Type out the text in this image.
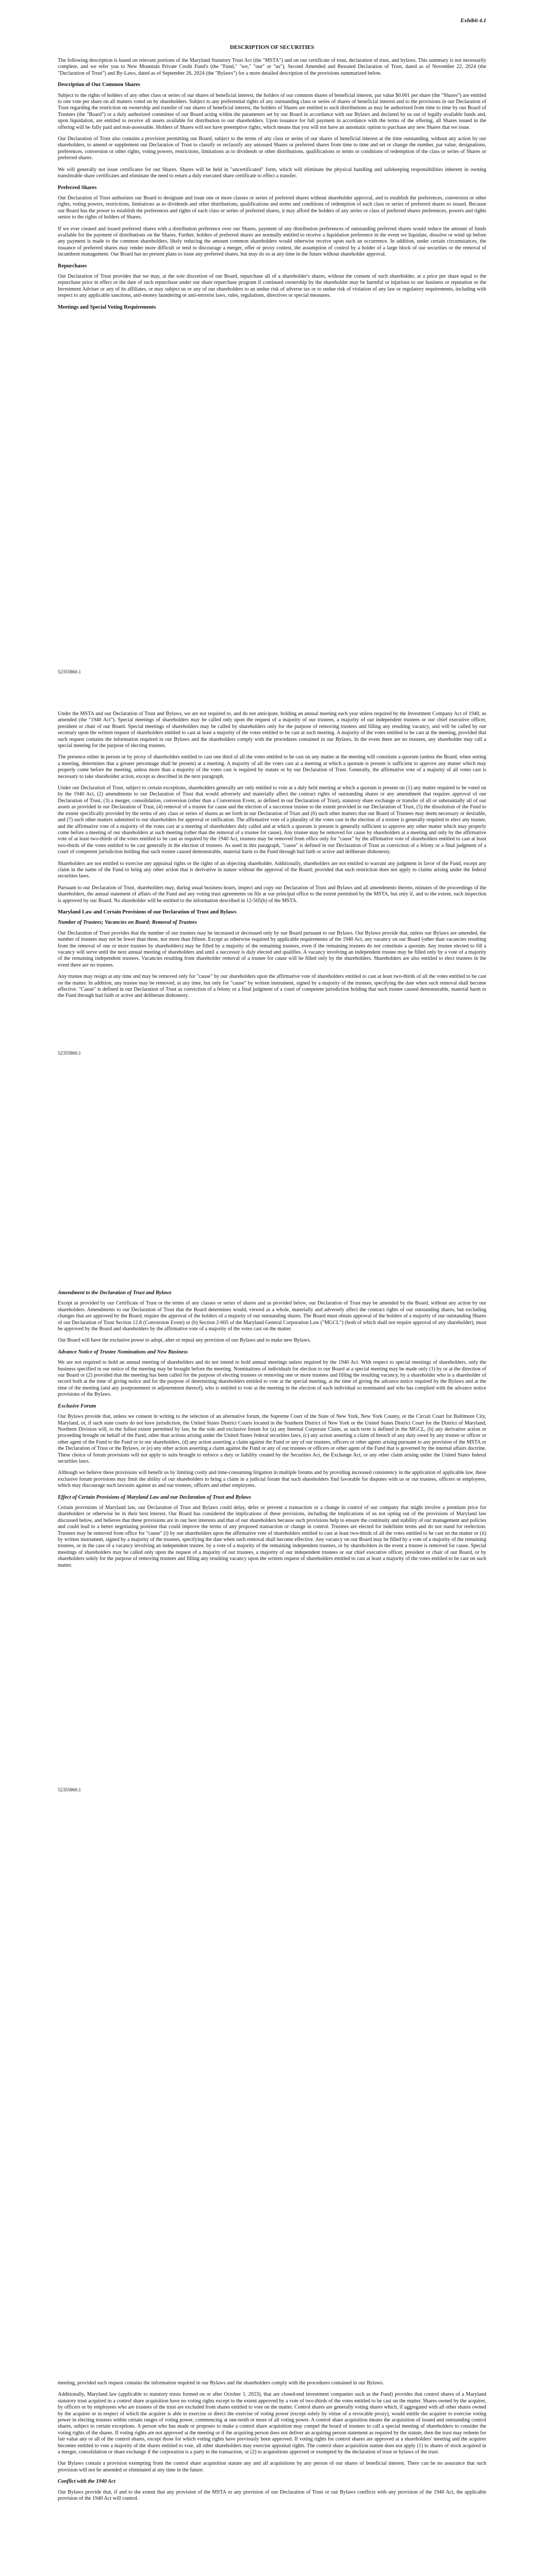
Exhibit 4.1
DESCRIPTION OF SECURITIES

The following description is based on relevant portions of the Maryland Statutory Trust Act (the "MSTA") and on our certificate of trust, declaration of trust, and bylaws. This summary is not necessarily complete, and we refer you to New Mountain Private Credit Fund's (the "Fund," "we," "our" or "us"), Second Amended and Restated Declaration of Trust, dated as of November 22, 2024 (the "Declaration of Trust") and By-Laws, dated as of September 26, 2024 (the "Bylaws") for a more detailed description of the provisions summarized below.

Description of Our Common Shares

Subject to the rights of holders of any other class or series of our shares of beneficial interest, the holders of our common shares of beneficial interest, par value $0.001 per share (the "Shares") are entitled to one vote per share on all matters voted on by shareholders. Subject to any preferential rights of any outstanding class or series of shares of beneficial interest and to the provisions in our Declaration of Trust regarding the restriction on ownership and transfer of our shares of beneficial interest, the holders of Shares are entitled to such distributions as may be authorized from time to time by our Board of Trustees (the "Board") or a duly authorized committee of our Board acting within the parameters set by our Board in accordance with our Bylaws and declared by us out of legally available funds and, upon liquidation, are entitled to receive all assets available for distribution to our shareholders. Upon issuance for full payment in accordance with the terms of the offering, all Shares issued in the offering will be fully paid and non-assessable. Holders of Shares will not have preemptive rights, which means that you will not have an automatic option to purchase any new Shares that we issue.

Our Declaration of Trust also contains a provision permitting our Board, subject to the terms of any class or series of our shares of beneficial interest at the time outstanding, without any action by our shareholders, to amend or supplement our Declaration of Trust to classify or reclassify any unissued Shares or preferred shares from time to time and set or change the number, par value, designations, preferences, conversion or other rights, voting powers, restrictions, limitations as to dividends or other distributions, qualifications or terms or conditions of redemption of the class or series of Shares or preferred shares.

We will generally not issue certificates for our Shares. Shares will be held in "uncertificated" form, which will eliminate the physical handling and safekeeping responsibilities inherent in owning transferable share certificates and eliminate the need to return a duly executed share certificate to effect a transfer.

Preferred Shares

Our Declaration of Trust authorizes our Board to designate and issue one or more classes or series of preferred shares without shareholder approval, and to establish the preferences, conversion or other rights, voting powers, restrictions, limitations as to dividends and other distributions, qualifications and terms and conditions of redemption of each class or series of preferred shares so issued. Because our Board has the power to establish the preferences and rights of each class or series of preferred shares, it may afford the holders of any series or class of preferred shares preferences, powers and rights senior to the rights of holders of Shares.

If we ever created and issued preferred shares with a distribution preference over our Shares, payment of any distribution preferences of outstanding preferred shares would reduce the amount of funds available for the payment of distributions on the Shares. Further, holders of preferred shares are normally entitled to receive a liquidation preference in the event we liquidate, dissolve or wind up before any payment is made to the common shareholders, likely reducing the amount common shareholders would otherwise receive upon such an occurrence. In addition, under certain circumstances, the issuance of preferred shares may render more difficult or tend to discourage a merger, offer or proxy contest, the assumption of control by a holder of a large block of our securities or the removal of incumbent management. Our Board has no present plans to issue any preferred shares, but may do so at any time in the future without shareholder approval.

Repurchases

Our Declaration of Trust provides that we may, at the sole discretion of our Board, repurchase all of a shareholder's shares, without the consent of such shareholder, at a price per share equal to the repurchase price in effect or the date of such repurchase under our share repurchase program if continued ownership by the shareholder may be harmful or injurious to our business or reputation or the Investment Adviser or any of its affiliates, or may subject us or any of our shareholders to an undue risk of adverse tax or to undue risk of violation of any law or regulatory requirements, including with respect to any applicable sanctions, anti-money laundering or anti-terrorist laws, rules, regulations, directives or special measures.

Meetings and Special Voting Requirements
52355860.1

Under the MSTA and our Declaration of Trust and Bylaws, we are not required to, and do not anticipate, holding an annual meeting each year unless required by the Investment Company Act of 1940, as amended (the "1940 Act"). Special meetings of shareholders may be called only upon the request of a majority of our trustees, a majority of our independent trustees or our chief executive officer, president or chair of our Board. Special meetings of shareholders may be called by shareholders only for the purpose of removing trustees and filling any resulting vacancy, and will be called by our secretary upon the written request of shareholders entitled to cast at least a majority of the votes entitled to be cast at such meeting. A majority of the votes entitled to be cast at the meeting, provided that such request contains the information required in our Bylaws and the shareholders comply with the procedures contained in our Bylaws. In the event there are no trustees, any shareholder may call a special meeting for the purpose of electing trustees.

The presence either in person or by proxy of shareholders entitled to cast one third of all the votes entitled to be cast on any matter at the meeting will constitute a quorum (unless the Board, when setting a meeting, determines that a greater percentage shall be present) at a meeting. A majority of all the votes cast at a meeting at which a quorum is present is sufficient to approve any matter which may properly come before the meeting, unless more than a majority of the votes cast is required by statute or by our Declaration of Trust. Generally, the affirmative vote of a majority of all votes cast is necessary to take shareholder action, except as described in the next paragraph.

Under our Declaration of Trust, subject to certain exceptions, shareholders generally are only entitled to vote at a duly held meeting at which a quorum is present on (1) any matter required to be voted on by the 1940 Act, (2) amendments to our Declaration of Trust that would adversely and materially affect the contract rights of outstanding shares or any amendment that requires approval of our Declaration of Trust, (3) a merger, consolidation, conversion (other than a Conversion Event, as defined in our Declaration of Trust), statutory share exchange or transfer of all or substantially all of our assets as provided in our Declaration of Trust, (4) removal of a trustee for cause and the election of a successor trustee to the extent provided in our Declaration of Trust, (5) the dissolution of the Fund to the extent specifically provided by the terms of any class or series of shares as set forth in our Declaration of Trust and (6) such other matters that our Board of Trustees may deem necessary or desirable, and (7) such other matters submitted to our shareholders for approval or ratification. The affirmative vote of a plurality of the votes cast in the election of a trustee is generally required to elect any trustee, and the affirmative vote of a majority of the votes cast at a meeting of shareholders duly called and at which a quorum is present is generally sufficient to approve any other matter which may properly come before a meeting of our shareholders at such meeting (other than the removal of a trustee for cause). Any trustee may be removed for cause by shareholders at a meeting and only by the affirmative vote of at least two-thirds of the votes entitled to be cast as required by the 1940 Act, trustees may be removed from office only for "cause" by the affirmative vote of shareholders entitled to cast at least two-thirds of the votes entitled to be cast generally in the election of trustees. As used in this paragraph, "cause" is defined in our Declaration of Trust as conviction of a felony or a final judgment of a court of competent jurisdiction holding that such trustee caused demonstrable, material harm to the Fund through bad faith or active and deliberate dishonesty.

Shareholders are not entitled to exercise any appraisal rights or the rights of an objecting shareholder. Additionally, shareholders are not entitled to warrant any judgment in favor of the Fund, except any claim in the name of the Fund to bring any other action that is derivative in nature without the approval of the Board; provided that such restriction does not apply to claims arising under the federal securities laws.

Pursuant to our Declaration of Trust, shareholders may, during usual business hours, inspect and copy our Declaration of Trust and Bylaws and all amendments thereto, minutes of the proceedings of the shareholders, the annual statement of affairs of the Fund and any voting trust agreements on file at our principal office to the extent permitted by the MSTA, but only if, and to the extent, such inspection is approved by our Board. No shareholder will be entitled to the information described in 12-505(b) of the MSTA.

Maryland Law and Certain Provisions of our Declaration of Trust and Bylaws
Number of Trustees; Vacancies on Board; Removal of Trustees

Our Declaration of Trust provides that the number of our trustees may be increased or decreased only by our Board pursuant to our Bylaws. Our Bylaws provide that, unless our Bylaws are amended, the number of trustees may not be fewer than three, nor more than fifteen. Except as otherwise required by applicable requirements of the 1940 Act, any vacancy on our Board (other than vacancies resulting from the removal of one or more trustees by shareholders) may be filled by a majority of the remaining trustees, even if the remaining trustees do not constitute a quorum. Any trustee elected to fill a vacancy will serve until the next annual meeting of shareholders and until a successor is duly elected and qualifies. A vacancy involving an independent trustee may be filled only by a vote of a majority of the remaining independent trustees. Vacancies resulting from shareholder removal of a trustee for cause will be filled only by the shareholders. Shareholders are also entitled to elect trustees in the event there are no trustees.

Any trustee may resign at any time and may be removed only for "cause" by our shareholders upon the affirmative vote of shareholders entitled to cast at least two-thirds of all the votes entitled to be cast on the matter. In addition, any trustee may be removed, at any time, but only for "cause" by written instrument, signed by a majority of the trustees, specifying the date when such removal shall become effective. "Cause" is defined in our Declaration of Trust as conviction of a felony or a final judgment of a court of competent jurisdiction holding that such trustee caused demonstrable, material harm to the Fund through bad faith or active and deliberate dishonesty.

52355860.1
Amendment to the Declaration of Trust and Bylaws

Except as provided by our Certificate of Trust or the terms of any classes or series of shares and as provided below, our Declaration of Trust may be amended by the Board, without any action by our shareholders. Amendments to our Declaration of Trust that the Board determines would, viewed as a whole, materially and adversely affect the contract rights of our outstanding shares, but excluding changes that are approved by the Board, require the approval of the holders of a majority of our outstanding shares. The Board must obtain approval of the holders of a majority of our outstanding Shares of our Declaration of Trust Section 12.8 (Conversion Event) or (b) Section 2-605 of the Maryland General Corporation Law ("MGCL") (both of which shall not require approval of any shareholder), must be approved by the Board and shareholders by the affirmative vote of a majority of the votes cast on the matter.

Our Board will have the exclusive power to adopt, alter or repeal any provision of our Bylaws and to make new Bylaws.

Advance Notice of Trustee Nominations and New Business

We are not required to hold an annual meeting of shareholders and do not intend to hold annual meetings unless required by the 1940 Act. With respect to special meetings of shareholders, only the business specified in our notice of the meeting may be brought before the meeting. Nominations of individuals for election to our Board at a special meeting may be made only (1) by or at the direction of our Board or (2) provided that the meeting has been called for the purpose of electing trustees or removing one or more trustees and filling the resulting vacancy, by a shareholder who is a shareholder of record both at the time of giving notice and for the purpose of determining shareholders entitled to vote at the special meeting, at the time of giving the advance notice required by the Bylaws and at the time of the meeting (and any postponement or adjournment thereof), who is entitled to vote at the meeting in the election of each individual so nominated and who has complied with the advance notice provisions of the Bylaws.

Exclusive Forum

Our Bylaws provide that, unless we consent in writing to the selection of an alternative forum, the Supreme Court of the State of New York, New York County, or the Circuit Court for Baltimore City, Maryland, or, if such state courts do not have jurisdiction, the United States District Courts located in the Southern District of New York or the United States District Court for the District of Maryland, Northern Division will, to the fullest extent permitted by law, be the sole and exclusive forum for (a) any Internal Corporate Claim, as such term is defined in the MGCL, (b) any derivative action or proceeding brought on behalf of the Fund, other than actions arising under the United States federal securities laws, (c) any action asserting a claim of breach of any duty owed by any trustee or officer or other agent of the Fund to the Fund or to our shareholders, (d) any action asserting a claim against the Fund or any of our trustees, officers or other agents arising pursuant to any provision of the MSTA or the Declaration of Trust or the Bylaws, or (e) any other action asserting a claim against the Fund or any of our trustees or officers or other agent of the Fund that is governed by the internal affairs doctrine. These choice of forum provisions will not apply to suits brought to enforce a duty or liability created by the Securities Act, the Exchange Act, or any other claim arising under the United States federal securities laws.

Although we believe these provisions will benefit us by limiting costly and time-consuming litigation in multiple forums and by providing increased consistency in the application of applicable law, these exclusive forum provisions may limit the ability of our shareholders to bring a claim in a judicial forum that such shareholders find favorable for disputes with us or our trustees, officers or employees, which may discourage such lawsuits against us and our trustees, officers and other employees.

Effect of Certain Provisions of Maryland Law and our Declaration of Trust and Bylaws

Certain provisions of Maryland law, our Declaration of Trust and Bylaws could delay, defer or prevent a transaction or a change in control of our company that might involve a premium price for shareholders or otherwise be in their best interest. Our Board has considered the implications of these provisions, including the implications of us not opting out of the provisions of Maryland law discussed below, and believes that these provisions are in our best interests and that of our shareholders because such provisions help to ensure the continuity and stability of our management and policies and could lead to a better negotiating position that could improve the terms of any proposed transaction or change in control. Trustees are elected for indefinite terms and do not stand for reelection. Trustees may be removed from office for "cause" (i) by our shareholders upon the affirmative vote of shareholders entitled to cast at least two-thirds of all the votes entitled to be cast on the matter or (ii) by written instrument, signed by a majority of the trustees, specifying the date when such removal shall become effective. Any vacancy on our Board may be filled by a vote of a majority of the remaining trustees, or in the case of a vacancy involving an independent trustee, by a vote of a majority of the remaining independent trustees, or by shareholders in the event a trustee is removed for cause. Special meetings of shareholders may be called only upon the request of a majority of our trustees, a majority of our independent trustees or our chief executive officer, president or chair of our Board, or by shareholders solely for the purpose of removing trustees and filling any resulting vacancy upon the written request of shareholders entitled to cast at least a majority of the votes entitled to be cast on such matter.

52355860.1

meeting, provided such request contains the information required in our Bylaws and the shareholders comply with the procedures contained in our Bylaws.

Additionally, Maryland law (applicable to statutory trusts formed on or after October 1, 2023), that are closed-end investment companies such as the Fund) provides that control shares of a Maryland statutory trust acquired in a control share acquisition have no voting rights except to the extent approved by a vote of two-thirds of the votes entitled to be cast on the matter. Shares owned by the acquirer, by officers or by employees who are trustees of the trust are excluded from shares entitled to vote on the matter. Control shares are generally voting shares which, if aggregated with all other shares owned by the acquirer or in respect of which the acquirer is able to exercise or direct the exercise of voting power (except solely by virtue of a revocable proxy), would entitle the acquirer to exercise voting power in electing trustees within certain ranges of voting power, commencing at one-tenth or more of all voting power. A control share acquisition means the acquisition of issued and outstanding control shares, subject to certain exceptions. A person who has made or proposes to make a control share acquisition may compel the board of trustees to call a special meeting of shareholders to consider the voting rights of the shares. If voting rights are not approved at the meeting or if the acquiring person does not deliver an acquiring person statement as required by the statute, then the trust may redeem for fair value any or all of the control shares, except those for which voting rights have previously been approved. If voting rights for control shares are approved at a shareholders' meeting and the acquirer becomes entitled to vote a majority of the shares entitled to vote, all other shareholders may exercise appraisal rights. The control share acquisition statute does not apply (1) to shares of stock acquired in a merger, consolidation or share exchange if the corporation is a party to the transaction, or (2) to acquisitions approved or exempted by the declaration of trust or bylaws of the trust.

Our Bylaws contain a provision exempting from the control share acquisition statute any and all acquisitions by any person of our shares of beneficial interest. There can be no assurance that such provision will not be amended or eliminated at any time in the future.

Conflict with the 1940 Act

Our Bylaws provide that, if and to the extent that any provision of the MSTA or any provision of our Declaration of Trust or our Bylaws conflicts with any provision of the 1940 Act, the applicable provision of the 1940 Act will control.
